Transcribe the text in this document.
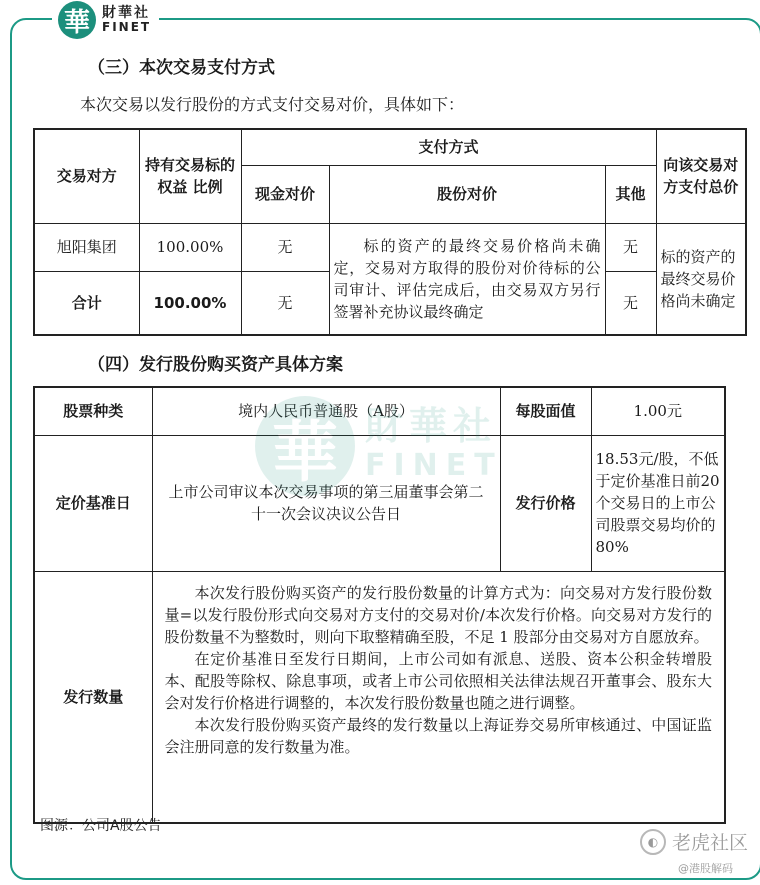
華 財華社
FINET
（三）本次交易支付方式
本次交易以发行股份的方式支付交易对价，具体如下：
交易对方	持有交易标的权益 比例	支付方式			向该交易对方支付总价
		现金对价	股份对价	其他	
旭阳集团	100.00%	无	标的资产的最终交易价格尚未确定，交易对方取得的股份对价待标的公司审计、评估完成后，由交易双方另行签署补充协议最终确定	无	标的资产的最终交易价格尚未确定
合计	100.00%	无		无	
（四）发行股份购买资产具体方案
股票种类	境内人民币普通股（A股）	每股面值	1.00元
定价基准日	上市公司审议本次交易事项的第三届董事会第二十一次会议决议公告日	发行价格	18.53元/股，不低于定价基准日前20个交易日的上市公司股票交易均价的80%
发行数量	本次发行股份购买资产的发行股份数量的计算方式为：向交易对方发行股份数量=以发行股份形式向交易对方支付的交易对价/本次发行价格。向交易对方发行的股份数量不为整数时，则向下取整精确至股，不足 1 股部分由交易对方自愿放弃。
在定价基准日至发行日期间，上市公司如有派息、送股、资本公积金转增股本、配股等除权、除息事项，或者上市公司依照相关法律法规召开董事会、股东大会对发行价格进行调整的，本次发行股份数量也随之进行调整。
本次发行股份购买资产最终的发行数量以上海证券交易所审核通过、中国证监会注册同意的发行数量为准。		
華 財華社
FINET
图源：公司A股公告
◐ 老虎社区
@港股解码
